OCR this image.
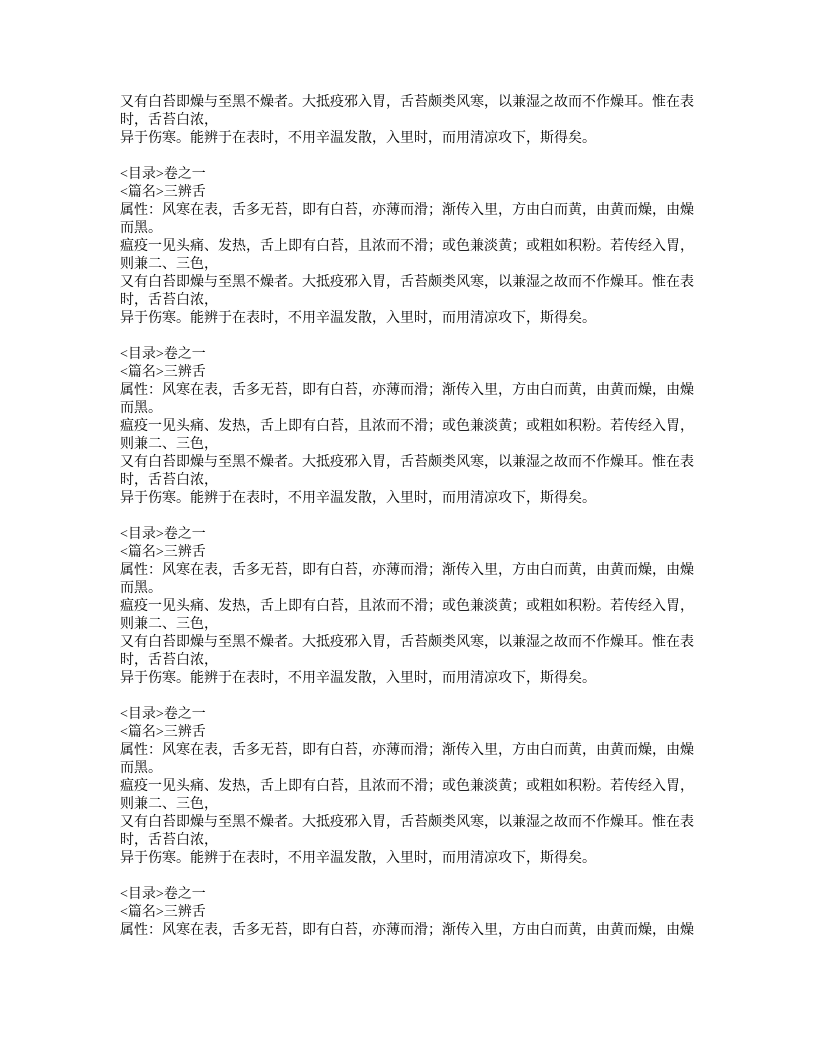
又有白苔即燥与至黑不燥者。大抵疫邪入胃，舌苔颇类风寒，以兼湿之故而不作燥耳。惟在表
时，舌苔白浓，
异于伤寒。能辨于在表时，不用辛温发散，入里时，而用清凉攻下，斯得矣。
<目录>卷之一
<篇名>三辨舌
属性：风寒在表，舌多无苔，即有白苔，亦薄而滑；渐传入里，方由白而黄，由黄而燥，由燥
而黑。
瘟疫一见头痛、发热，舌上即有白苔，且浓而不滑；或色兼淡黄；或粗如积粉。若传经入胃，
则兼二、三色，
又有白苔即燥与至黑不燥者。大抵疫邪入胃，舌苔颇类风寒，以兼湿之故而不作燥耳。惟在表
时，舌苔白浓，
异于伤寒。能辨于在表时，不用辛温发散，入里时，而用清凉攻下，斯得矣。
<目录>卷之一
<篇名>三辨舌
属性：风寒在表，舌多无苔，即有白苔，亦薄而滑；渐传入里，方由白而黄，由黄而燥，由燥
而黑。
瘟疫一见头痛、发热，舌上即有白苔，且浓而不滑；或色兼淡黄；或粗如积粉。若传经入胃，
则兼二、三色，
又有白苔即燥与至黑不燥者。大抵疫邪入胃，舌苔颇类风寒，以兼湿之故而不作燥耳。惟在表
时，舌苔白浓，
异于伤寒。能辨于在表时，不用辛温发散，入里时，而用清凉攻下，斯得矣。
<目录>卷之一
<篇名>三辨舌
属性：风寒在表，舌多无苔，即有白苔，亦薄而滑；渐传入里，方由白而黄，由黄而燥，由燥
而黑。
瘟疫一见头痛、发热，舌上即有白苔，且浓而不滑；或色兼淡黄；或粗如积粉。若传经入胃，
则兼二、三色，
又有白苔即燥与至黑不燥者。大抵疫邪入胃，舌苔颇类风寒，以兼湿之故而不作燥耳。惟在表
时，舌苔白浓，
异于伤寒。能辨于在表时，不用辛温发散，入里时，而用清凉攻下，斯得矣。
<目录>卷之一
<篇名>三辨舌
属性：风寒在表，舌多无苔，即有白苔，亦薄而滑；渐传入里，方由白而黄，由黄而燥，由燥
而黑。
瘟疫一见头痛、发热，舌上即有白苔，且浓而不滑；或色兼淡黄；或粗如积粉。若传经入胃，
则兼二、三色，
又有白苔即燥与至黑不燥者。大抵疫邪入胃，舌苔颇类风寒，以兼湿之故而不作燥耳。惟在表
时，舌苔白浓，
异于伤寒。能辨于在表时，不用辛温发散，入里时，而用清凉攻下，斯得矣。
<目录>卷之一
<篇名>三辨舌
属性：风寒在表，舌多无苔，即有白苔，亦薄而滑；渐传入里，方由白而黄，由黄而燥，由燥
